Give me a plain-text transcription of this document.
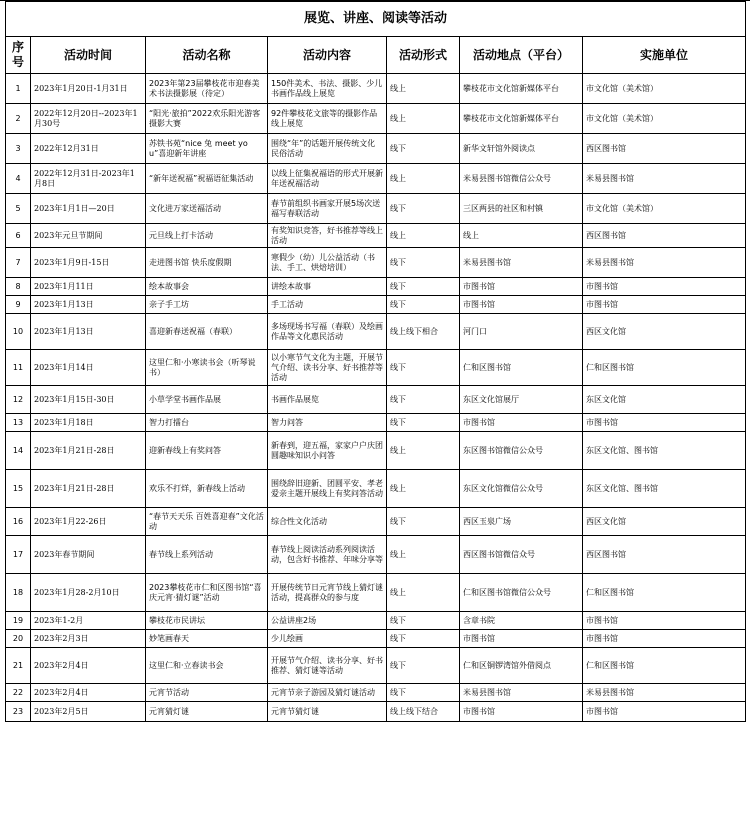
展览、讲座、阅读等活动						
序号	活动时间	活动名称	活动内容	活动形式	活动地点（平台）	实施单位
1	2023年1月20日-1月31日	2023年第23届攀枝花市迎春美术书法摄影展（待定）	150件美术、书法、摄影、少儿书画作品线上展览	线上	攀枝花市文化馆新媒体平台	市文化馆（美术馆）
2	2022年12月20日--2023年1月30号	“阳光·旅拍”2022欢乐阳光游客摄影大赛	92件攀枝花文旅等的摄影作品线上展览	线上	攀枝花市文化馆新媒体平台	市文化馆（美术馆）
3	2022年12月31日	苏铁书苑“nice 兔 meet you”喜迎新年讲座	围绕“年”的话题开展传统文化民俗活动	线下	新华文轩馆外阅读点	西区图书馆
4	2022年12月31日-2023年1月8日	“新年送祝福”祝福语征集活动	以线上征集祝福语的形式开展新年送祝福活动	线上	米易县图书馆微信公众号	米易县图书馆
5	2023年1月1日—20日	文化进万家送福活动	春节前组织书画家开展5场次送福写春联活动	线下	三区两县的社区和村镇	市文化馆（美术馆）
6	2023年元旦节期间	元旦线上打卡活动	有奖知识竞答，好书推荐等线上活动	线上	线上	西区图书馆
7	2023年1月9日-15日	走进图书馆 快乐度假期	寒假少（幼）儿公益活动（书法、手工、烘焙培训）	线下	米易县图书馆	米易县图书馆
8	2023年1月11日	绘本故事会	讲绘本故事	线下	市图书馆	市图书馆
9	2023年1月13日	亲子手工坊	手工活动	线下	市图书馆	市图书馆
10	2023年1月13日	喜迎新春送祝福（春联）	多场现场书写福（春联）及绘画作品等文化惠民活动	线上线下相合	河门口	西区文化馆
11	2023年1月14日	这里仁和·小寒读书会（听琴说书）	以小寒节气文化为主题，开展节气介绍、读书分享、好书推荐等活动	线下	仁和区图书馆	仁和区图书馆
12	2023年1月15日-30日	小草学堂书画作品展	书画作品展览	线下	东区文化馆展厅	东区文化馆
13	2023年1月18日	智力打擂台	智力问答	线下	市图书馆	市图书馆
14	2023年1月21日-28日	迎新春线上有奖问答	新春到，迎五福，家家户户庆团圆趣味知识小问答	线上	东区图书馆微信公众号	东区文化馆、图书馆
15	2023年1月21日-28日	欢乐不打烊，新春线上活动	围绕辞旧迎新、团圆平安、孝老爱亲主题开展线上有奖问答活动	线上	东区文化馆微信公众号	东区文化馆、图书馆
16	2023年1月22-26日	“春节天天乐 百姓喜迎春”文化活动	综合性文化活动	线下	西区玉泉广场	西区文化馆
17	2023年春节期间	春节线上系列活动	春节线上阅读活动系列阅读活动，包含好书推荐、年味分享等	线上	西区图书馆微信众号	西区图书馆
18	2023年1月28-2月10日	2023攀枝花市仁和区图书馆“喜庆元宵·猜灯谜”活动	开展传统节日元宵节线上猜灯谜活动，提高群众的参与度	线上	仁和区图书馆微信公众号	仁和区图书馆
19	2023年1-2月	攀枝花市民讲坛	公益讲座2场	线下	含章书院	市图书馆
20	2023年2月3日	妙笔画春天	少儿绘画	线下	市图书馆	市图书馆
21	2023年2月4日	这里仁和·立春读书会	开展节气介绍、读书分享、好书推荐、猜灯谜等活动	线下	仁和区铜锣湾馆外借阅点	仁和区图书馆
22	2023年2月4日	元宵节活动	元宵节亲子游园及猜灯谜活动	线下	米易县图书馆	米易县图书馆
23	2023年2月5日	元宵猜灯谜	元宵节猜灯谜	线上线下结合	市图书馆	市图书馆
